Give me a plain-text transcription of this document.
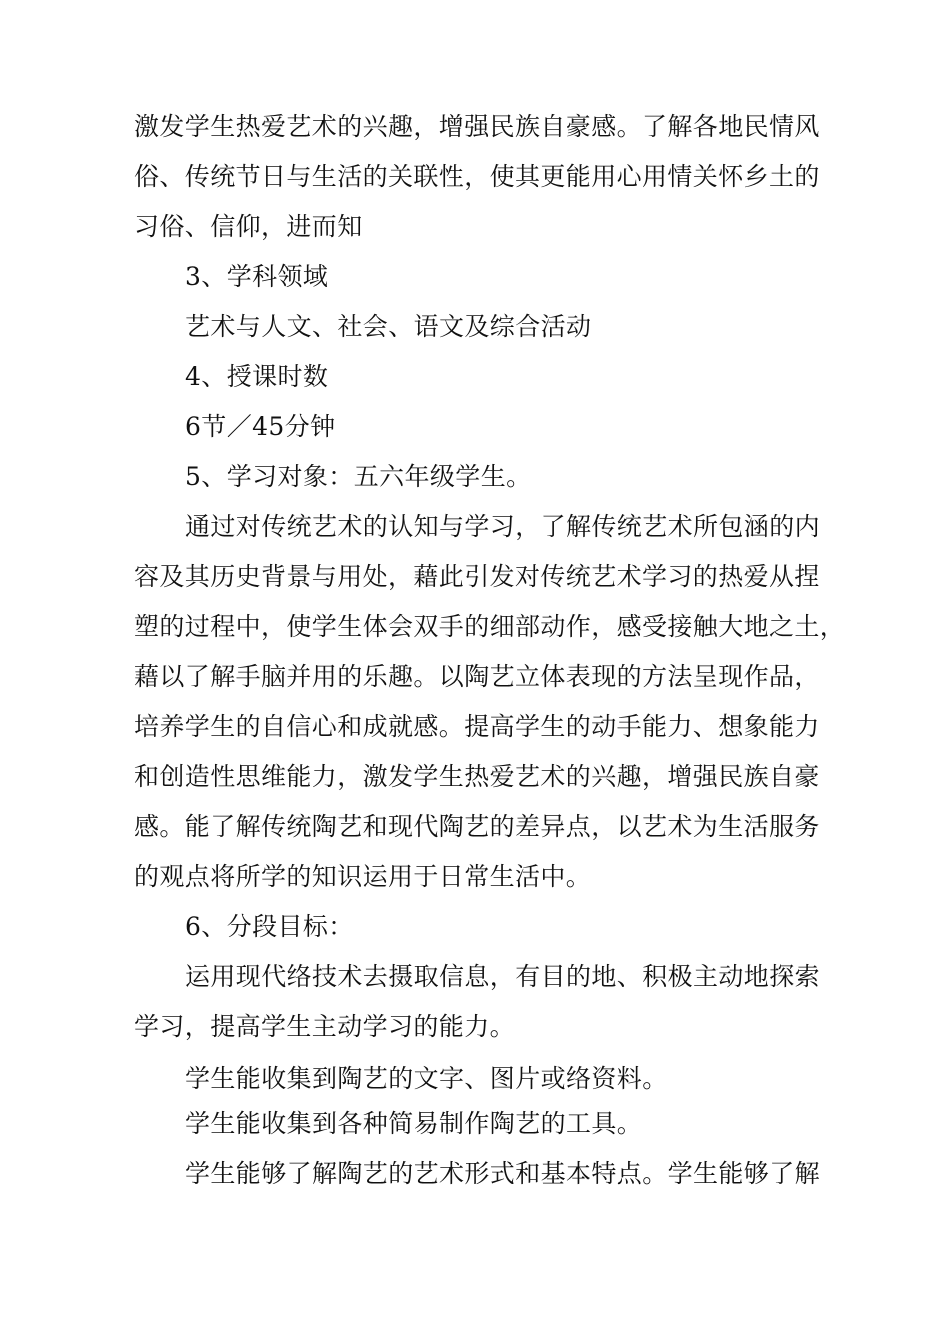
激发学生热爱艺术的兴趣，增强民族自豪感。了解各地民情风
俗、传统节日与生活的关联性，使其更能用心用情关怀乡土的
习俗、信仰，进而知
3、学科领域
艺术与人文、社会、语文及综合活动
4、授课时数
6节／45分钟
5、学习对象：五六年级学生。
通过对传统艺术的认知与学习，了解传统艺术所包涵的内
容及其历史背景与用处，藉此引发对传统艺术学习的热爱从捏
塑的过程中，使学生体会双手的细部动作，感受接触大地之土，
藉以了解手脑并用的乐趣。以陶艺立体表现的方法呈现作品，
培养学生的自信心和成就感。提高学生的动手能力、想象能力
和创造性思维能力，激发学生热爱艺术的兴趣，增强民族自豪
感。能了解传统陶艺和现代陶艺的差异点，以艺术为生活服务
的观点将所学的知识运用于日常生活中。
6、分段目标：
运用现代络技术去摄取信息，有目的地、积极主动地探索
学习，提高学生主动学习的能力。
学生能收集到陶艺的文字、图片或络资料。
学生能收集到各种简易制作陶艺的工具。
学生能够了解陶艺的艺术形式和基本特点。学生能够了解
